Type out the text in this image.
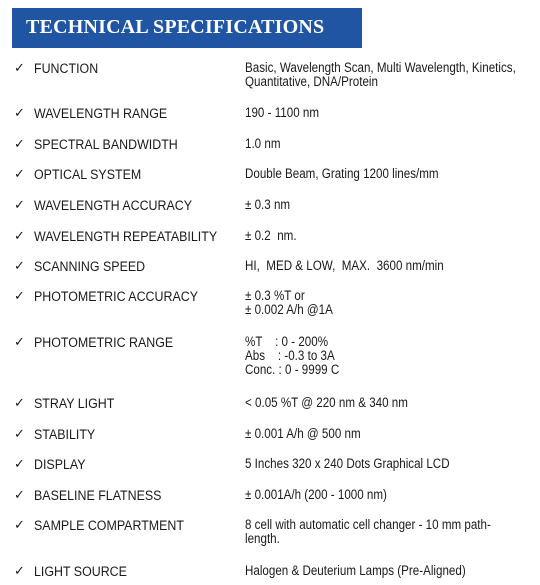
TECHNICAL SPECIFICATIONS
✓ FUNCTION	Basic, Wavelength Scan, Multi Wavelength, Kinetics,
Quantitative, DNA/Protein
✓ WAVELENGTH RANGE	190 - 1100 nm
✓ SPECTRAL BANDWIDTH	1.0 nm
✓ OPTICAL SYSTEM	Double Beam, Grating 1200 lines/mm
✓ WAVELENGTH ACCURACY	± 0.3 nm
✓ WAVELENGTH REPEATABILITY ± 0.2  nm.
✓ SCANNING SPEED	HI,  MED & LOW,  MAX.  3600 nm/min
✓ PHOTOMETRIC ACCURACY	± 0.3 %T or
± 0.002 A/h @1A
✓ PHOTOMETRIC RANGE	%T    : 0 - 200%
Abs    : -0.3 to 3A
Conc. : 0 - 9999 C
✓ STRAY LIGHT	< 0.05 %T @ 220 nm & 340 nm
✓ STABILITY	± 0.001 A/h @ 500 nm
✓ DISPLAY	5 Inches 320 x 240 Dots Graphical LCD
✓ BASELINE FLATNESS	± 0.001A/h (200 - 1000 nm)
✓ SAMPLE COMPARTMENT	8 cell with automatic cell changer - 10 mm path-
length.
✓ LIGHT SOURCE	Halogen & Deuterium Lamps (Pre-Aligned)
